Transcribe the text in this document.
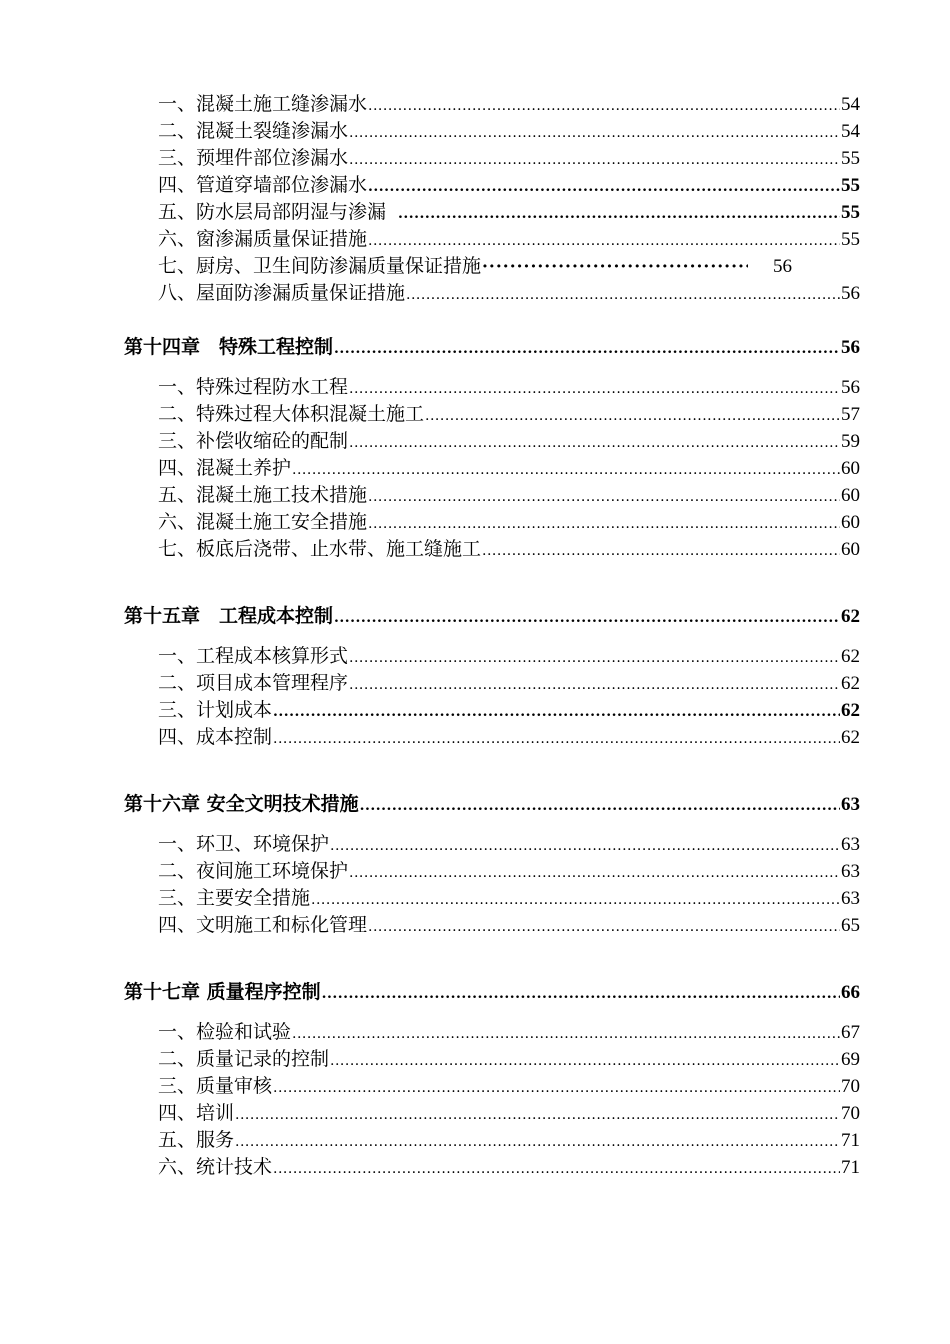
一、混凝土施工缝渗漏水 .....	54
二、混凝土裂缝渗漏水 .....	54
三、预埋件部位渗漏水 .....	55
四、管道穿墙部位渗漏水 .....	55
五、防水层局部阴湿与渗漏 .....	55
六、窗渗漏质量保证措施 .....	55
七、厨房、卫生间防渗漏质量保证措施 ·····	56
八、屋面防渗漏质量保证措施 .....	56
第十四章　特殊工程控制 .....	56
一、特殊过程防水工程 .....	56
二、特殊过程大体积混凝土施工 .....	57
三、补偿收缩砼的配制 .....	59
四、混凝土养护 .....	60
五、混凝土施工技术措施 .....	60
六、混凝土施工安全措施 .....	60
七、板底后浇带、止水带、施工缝施工 .....	60
第十五章　工程成本控制 .....	62
一、工程成本核算形式 .....	62
二、项目成本管理程序 .....	62
三、计划成本 .....	62
四、成本控制 .....	62
第十六章 安全文明技术措施 .....	63
一、环卫、环境保护 .....	63
二、夜间施工环境保护 .....	63
三、主要安全措施 .....	63
四、文明施工和标化管理 .....	65
第十七章 质量程序控制 .....	66
一、检验和试验 .....	67
二、质量记录的控制 .....	69
三、质量审核 .....	70
四、培训 .....	70
五、服务 .....	71
六、统计技术 .....	71
